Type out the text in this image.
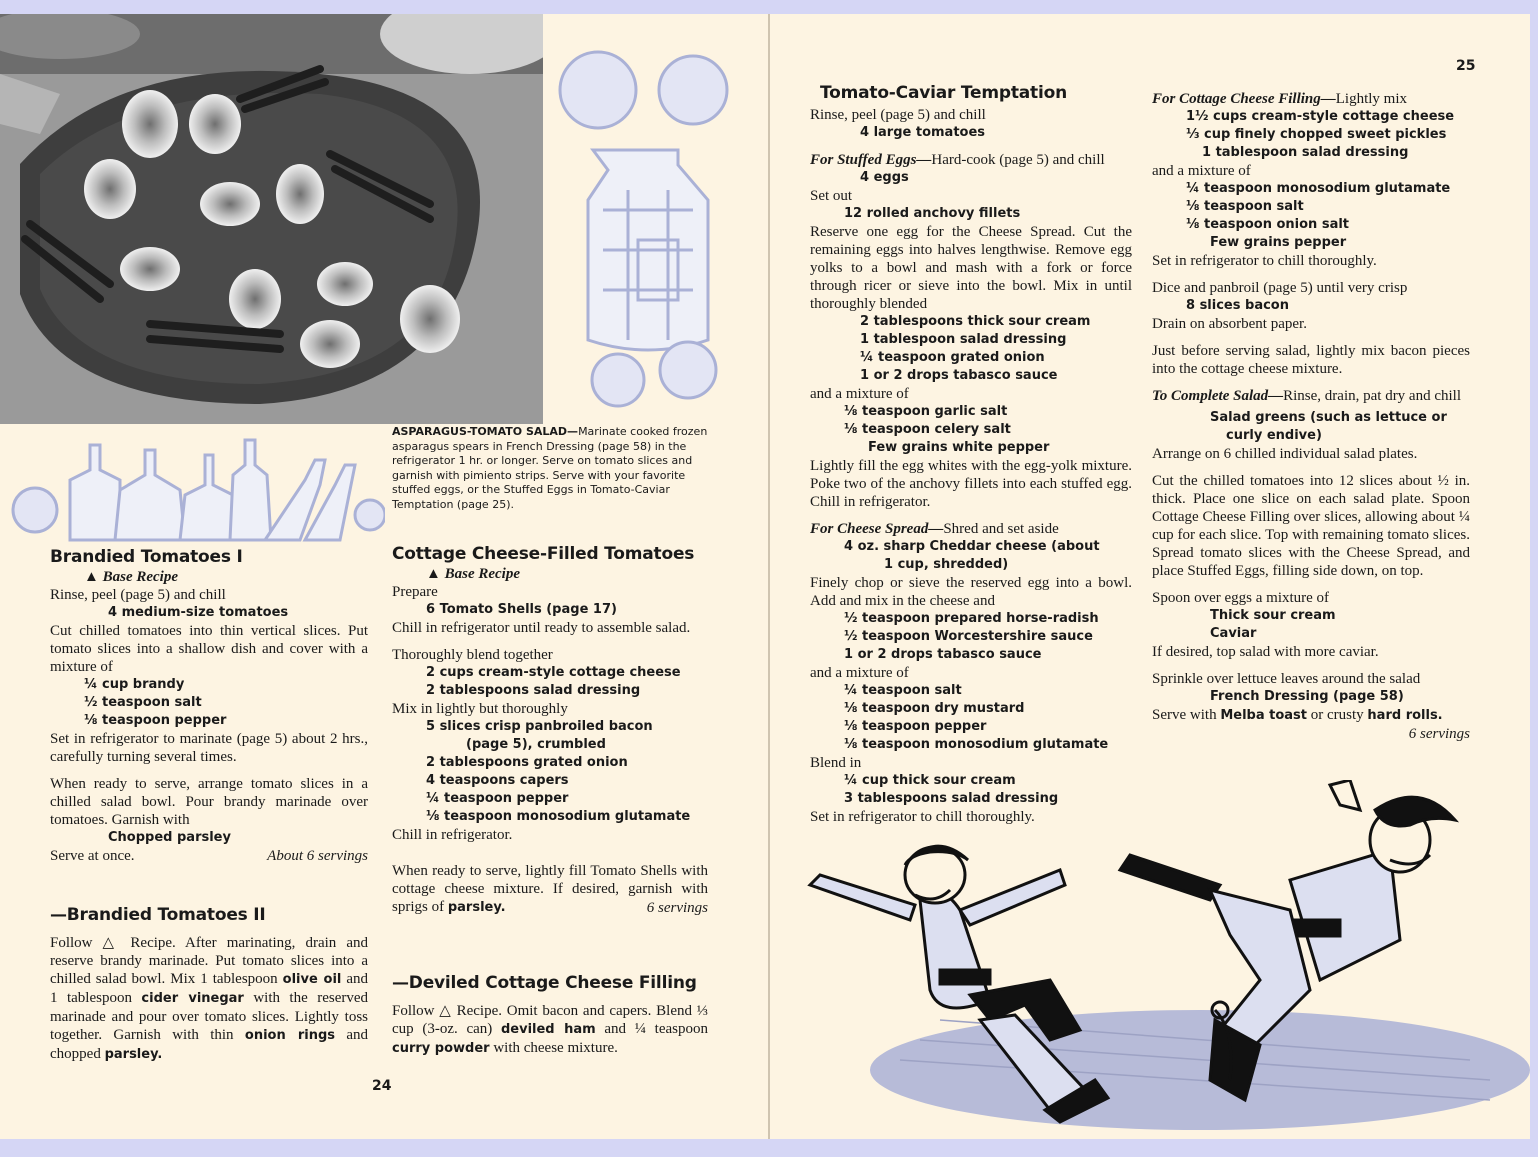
ASPARAGUS-TOMATO SALAD—Marinate cooked frozen asparagus spears in French Dressing (page 58) in the refrigerator 1 hr. or longer. Serve on tomato slices and garnish with pimiento strips. Serve with your favorite stuffed eggs, or the Stuffed Eggs in Tomato-Caviar Temptation (page 25).
Brandied Tomatoes I

▲ Base Recipe

Rinse, peel (page 5) and chill

4 medium-size tomatoes

Cut chilled tomatoes into thin vertical slices. Put tomato slices into a shallow dish and cover with a mixture of

¼ cup brandy

½ teaspoon salt

⅛ teaspoon pepper

Set in refrigerator to marinate (page 5) about 2 hrs., carefully turning several times.

When ready to serve, arrange tomato slices in a chilled salad bowl. Pour brandy marinade over tomatoes. Garnish with

Chopped parsley

Serve at once.	About 6 servings
—Brandied Tomatoes II

Follow △ Recipe. After marinating, drain and reserve brandy marinade. Put tomato slices into a chilled salad bowl. Mix 1 tablespoon olive oil and 1 tablespoon cider vinegar with the reserved marinade and pour over tomato slices. Lightly toss together. Garnish with thin onion rings and chopped parsley.

Cottage Cheese-Filled Tomatoes

▲ Base Recipe

Prepare

6 Tomato Shells (page 17)

Chill in refrigerator until ready to assemble salad.

Thoroughly blend together

2 cups cream-style cottage cheese

2 tablespoons salad dressing

Mix in lightly but thoroughly

5 slices crisp panbroiled bacon

(page 5), crumbled

2 tablespoons grated onion

4 teaspoons capers

¼ teaspoon pepper

⅛ teaspoon monosodium glutamate

Chill in refrigerator.

When ready to serve, lightly fill Tomato Shells with cottage cheese mixture. If desired, garnish with sprigs of parsley.	6 servings
—Deviled Cottage Cheese Filling

Follow △ Recipe. Omit bacon and capers. Blend ⅓ cup (3-oz. can) deviled ham and ¼ teaspoon curry powder with cheese mixture.

24
25
Tomato-Caviar Temptation

Rinse, peel (page 5) and chill

4 large tomatoes

For Stuffed Eggs—Hard-cook (page 5) and chill

4 eggs

Set out

12 rolled anchovy fillets

Reserve one egg for the Cheese Spread. Cut the remaining eggs into halves lengthwise. Remove egg yolks to a bowl and mash with a fork or force through ricer or sieve into the bowl. Mix in until thoroughly blended

2 tablespoons thick sour cream

1 tablespoon salad dressing

¼ teaspoon grated onion

1 or 2 drops tabasco sauce

and a mixture of

⅛ teaspoon garlic salt

⅛ teaspoon celery salt

Few grains white pepper

Lightly fill the egg whites with the egg-yolk mixture. Poke two of the anchovy fillets into each stuffed egg. Chill in refrigerator.

For Cheese Spread—Shred and set aside

4 oz. sharp Cheddar cheese (about

1 cup, shredded)

Finely chop or sieve the reserved egg into a bowl. Add and mix in the cheese and

½ teaspoon prepared horse-radish

½ teaspoon Worcestershire sauce

1 or 2 drops tabasco sauce

and a mixture of

¼ teaspoon salt

⅛ teaspoon dry mustard

⅛ teaspoon pepper

⅛ teaspoon monosodium glutamate

Blend in

¼ cup thick sour cream

3 tablespoons salad dressing

Set in refrigerator to chill thoroughly.

For Cottage Cheese Filling—Lightly mix

1½ cups cream-style cottage cheese

⅓ cup finely chopped sweet pickles

1 tablespoon salad dressing

and a mixture of

¼ teaspoon monosodium glutamate

⅛ teaspoon salt

⅛ teaspoon onion salt

Few grains pepper

Set in refrigerator to chill thoroughly.

Dice and panbroil (page 5) until very crisp

8 slices bacon

Drain on absorbent paper.

Just before serving salad, lightly mix bacon pieces into the cottage cheese mixture.

To Complete Salad—Rinse, drain, pat dry and chill

Salad greens (such as lettuce or

curly endive)

Arrange on 6 chilled individual salad plates.

Cut the chilled tomatoes into 12 slices about ½ in. thick. Place one slice on each salad plate. Spoon Cottage Cheese Filling over slices, allowing about ¼ cup for each slice. Top with remaining tomato slices. Spread tomato slices with the Cheese Spread, and place Stuffed Eggs, filling side down, on top.

Spoon over eggs a mixture of

Thick sour cream

Caviar

If desired, top salad with more caviar.

Sprinkle over lettuce leaves around the salad

French Dressing (page 58)

Serve with Melba toast or crusty hard rolls.

6 servings
